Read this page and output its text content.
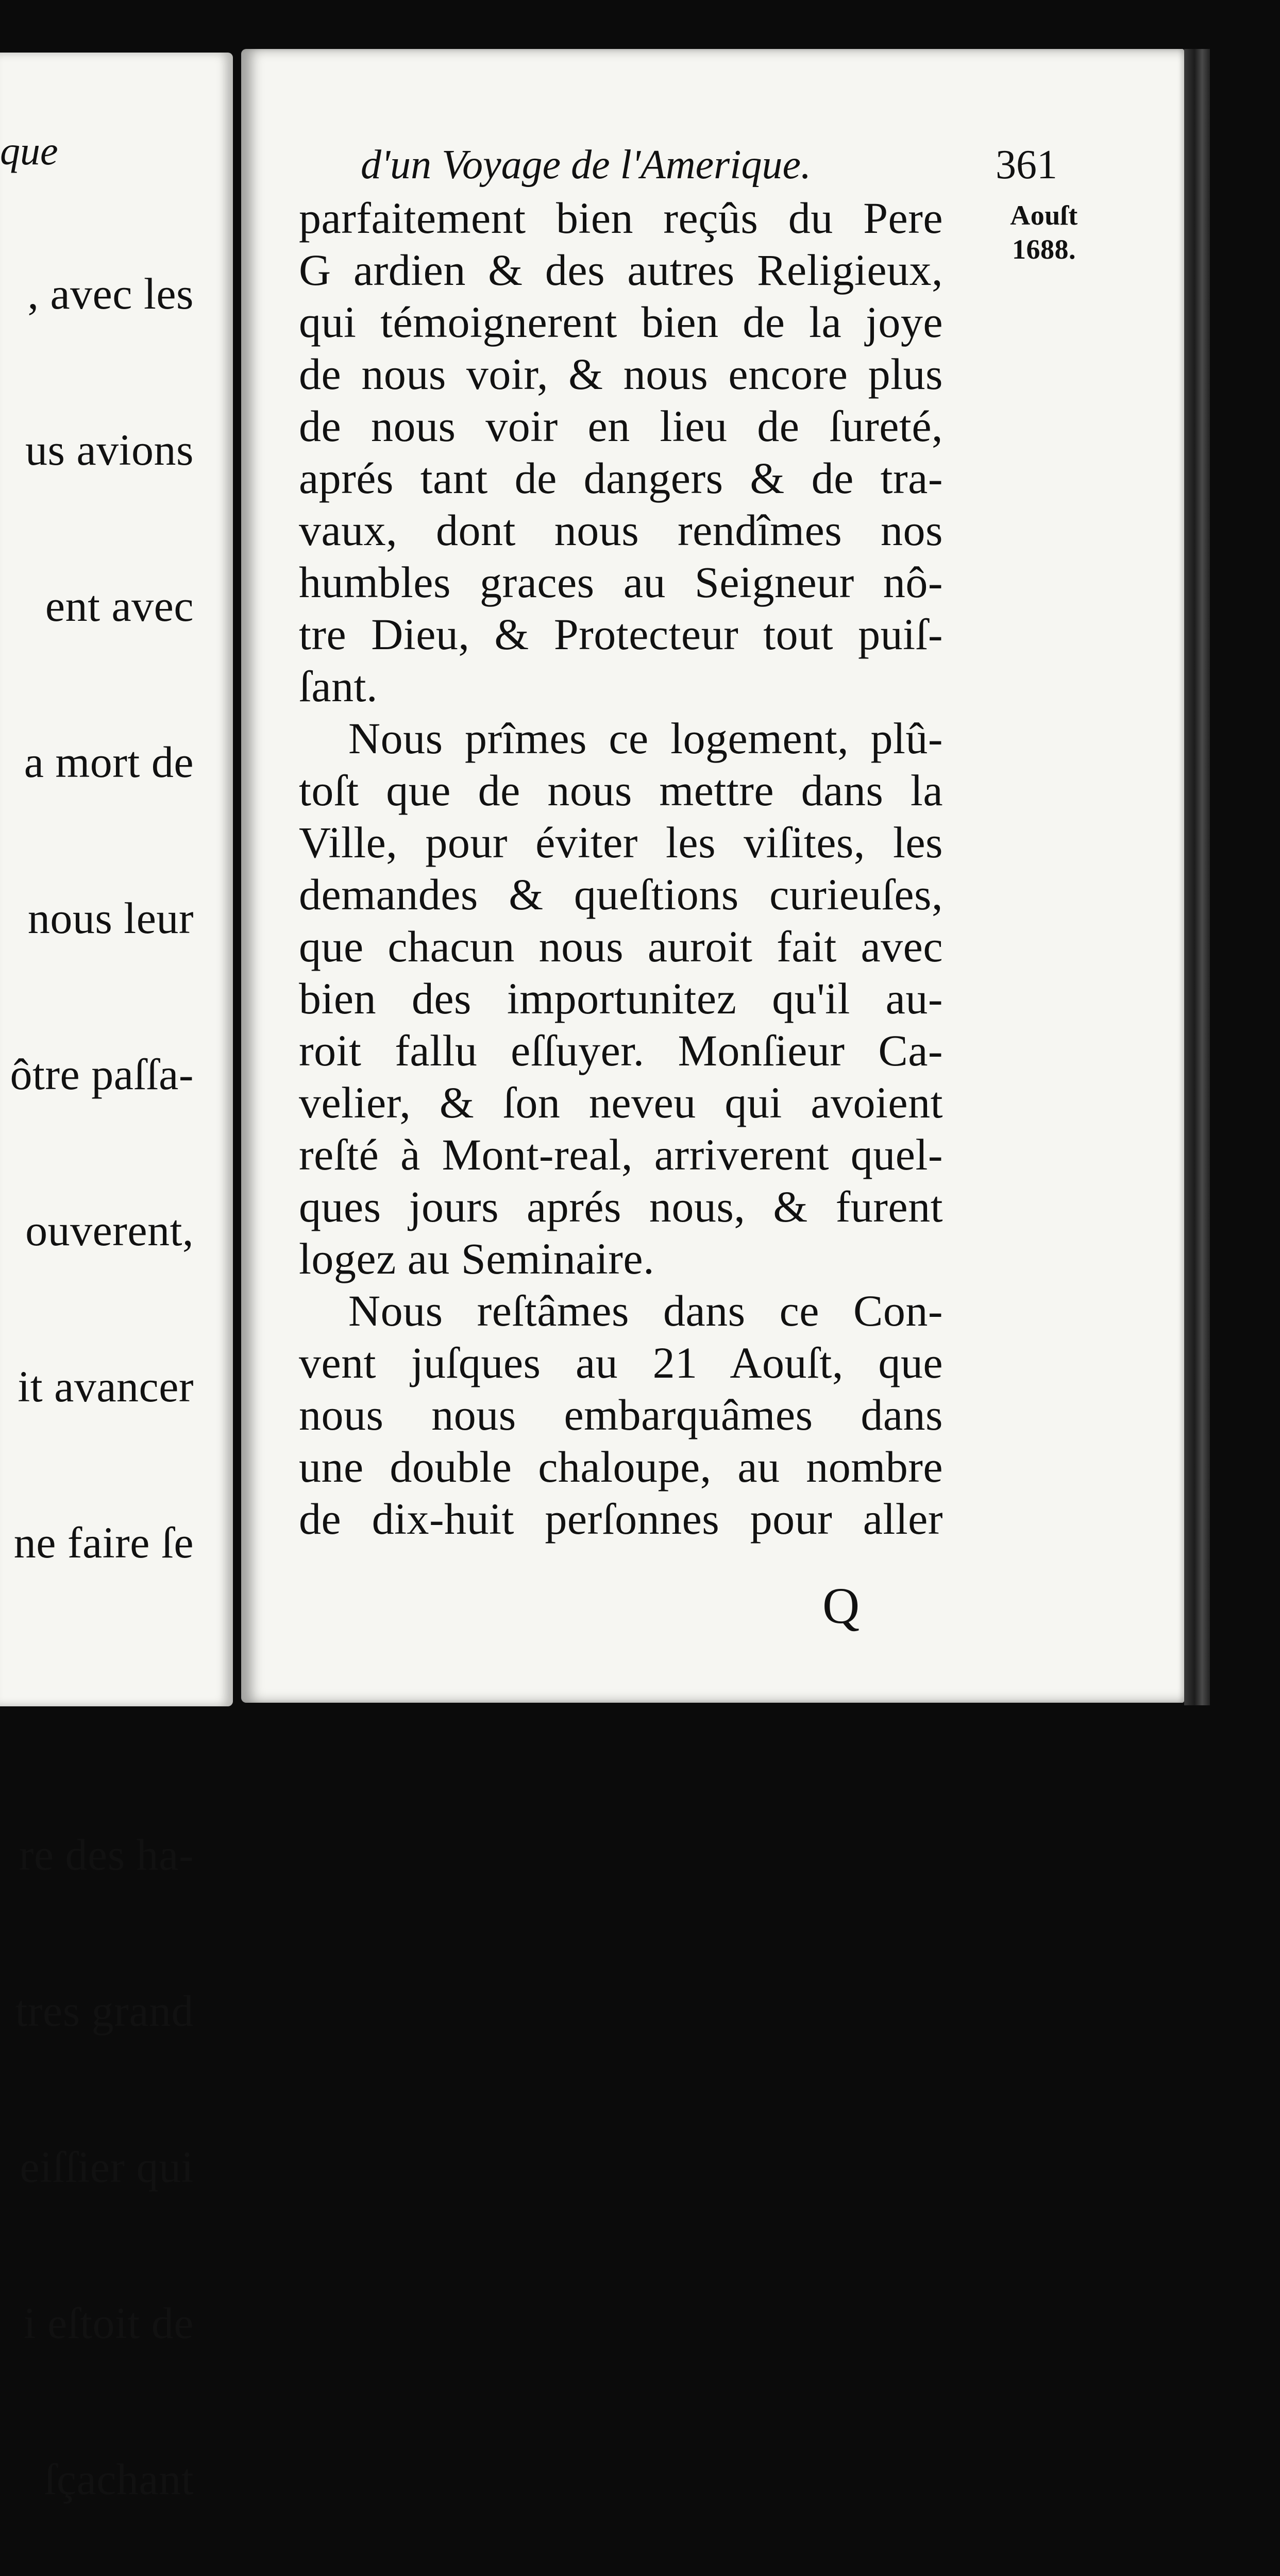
que

, avec les

us avions

ent avec

a mort de

nous leur

ôtre paſſa-

ouverent,

it avancer

ne faire ſe

re des ha-

tres grand

eiſſier qui

i eſtoit de

ſçachant

d'un Voyage de l'Amerique.	361
Aouſt
1688.
parfaitement bien reçûs du Pere
G ardien & des autres Religieux,
qui témoignerent bien de la joye
de nous voir, & nous encore plus
de nous voir en lieu de ſureté,
aprés tant de dangers & de tra-
vaux, dont nous rendîmes nos
humbles graces au Seigneur nô-
tre Dieu, & Protecteur tout puiſ-
ſant.
Nous prîmes ce logement, plû-
toſt que de nous mettre dans la
Ville, pour éviter les viſites, les
demandes & queſtions curieuſes,
que chacun nous auroit fait avec
bien des importunitez qu'il au-
roit fallu eſſuyer. Monſieur Ca-
velier, & ſon neveu qui avoient
reſté à Mont-real, arriverent quel-
ques jours aprés nous, & furent
logez au Seminaire.
Nous reſtâmes dans ce Con-
vent juſques au 21 Aouſt, que
nous nous embarquâmes dans
une double chaloupe, au nombre
de dix-huit perſonnes pour aller
Q
